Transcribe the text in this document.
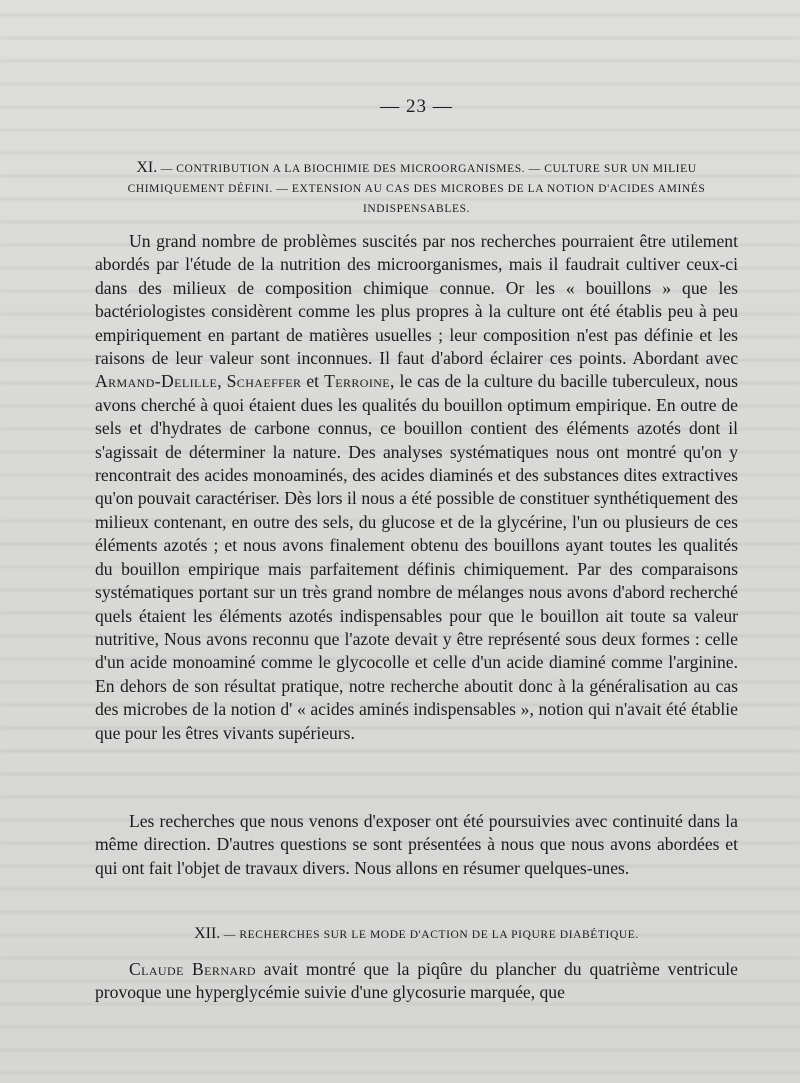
— 23 —
XI. — CONTRIBUTION A LA BIOCHIMIE DES MICROORGANISMES. — CULTURE SUR UN MILIEU CHIMIQUEMENT DÉFINI. — EXTENSION AU CAS DES MICROBES DE LA NOTION D'ACIDES AMINÉS INDISPENSABLES.
Un grand nombre de problèmes suscités par nos recherches pourraient être utilement abordés par l'étude de la nutrition des microorganismes, mais il faudrait cultiver ceux-ci dans des milieux de composition chimique connue. Or les « bouillons » que les bactériologistes considèrent comme les plus propres à la culture ont été établis peu à peu empiriquement en partant de matières usuelles ; leur composition n'est pas définie et les raisons de leur valeur sont inconnues. Il faut d'abord éclairer ces points. Abordant avec Armand-Delille, Schaeffer et Terroine, le cas de la culture du bacille tuberculeux, nous avons cherché à quoi étaient dues les qualités du bouillon optimum empirique. En outre de sels et d'hydrates de carbone connus, ce bouillon contient des éléments azotés dont il s'agissait de déterminer la nature. Des analyses systématiques nous ont montré qu'on y rencontrait des acides monoaminés, des acides diaminés et des substances dites extractives qu'on pouvait caractériser. Dès lors il nous a été possible de constituer synthétiquement des milieux contenant, en outre des sels, du glucose et de la glycérine, l'un ou plusieurs de ces éléments azotés ; et nous avons finalement obtenu des bouillons ayant toutes les qualités du bouillon empirique mais parfaitement définis chimiquement. Par des comparaisons systématiques portant sur un très grand nombre de mélanges nous avons d'abord recherché quels étaient les éléments azotés indispensables pour que le bouillon ait toute sa valeur nutritive, Nous avons reconnu que l'azote devait y être représenté sous deux formes : celle d'un acide monoaminé comme le glycocolle et celle d'un acide diaminé comme l'arginine. En dehors de son résultat pratique, notre recherche aboutit donc à la généralisation au cas des microbes de la notion d' « acides aminés indispensables », notion qui n'avait été établie que pour les êtres vivants supérieurs.
Les recherches que nous venons d'exposer ont été poursuivies avec continuité dans la même direction. D'autres questions se sont présentées à nous que nous avons abordées et qui ont fait l'objet de travaux divers. Nous allons en résumer quelques-unes.
XII. — RECHERCHES SUR LE MODE D'ACTION DE LA PIQURE DIABÉTIQUE.
Claude Bernard avait montré que la piqûre du plancher du quatrième ventricule provoque une hyperglycémie suivie d'une glycosurie marquée, que
